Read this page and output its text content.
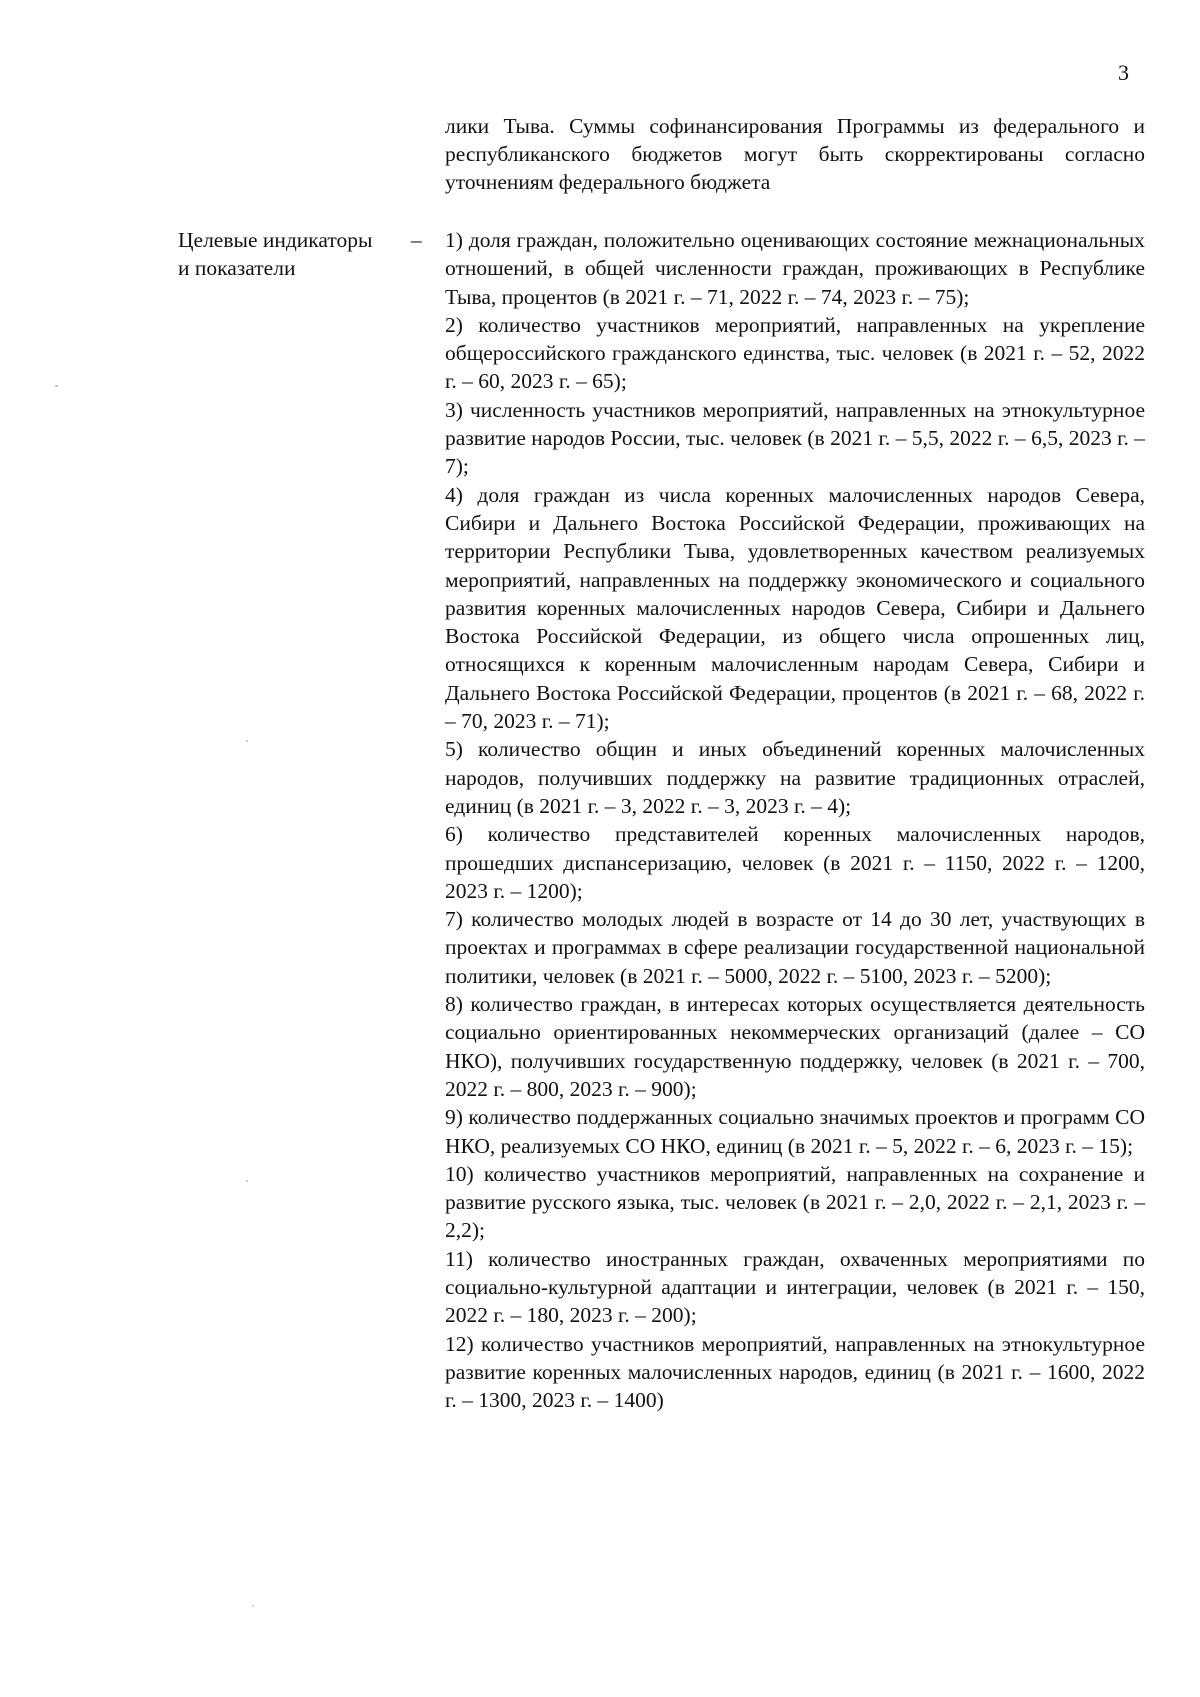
3
лики Тыва. Суммы софинансирования Программы из федерального и республиканского бюджетов могут быть скорректированы согласно уточнениям федерального бюджета
Целевые индикаторы
и показатели
– 1) доля граждан, положительно оценивающих состояние межнациональных отношений, в общей численности граждан, проживающих в Республике Тыва, процентов (в 2021 г. – 71, 2022 г. – 74, 2023 г. – 75);

2) количество участников мероприятий, направленных на укрепление общероссийского гражданского единства, тыс. человек (в 2021 г. – 52, 2022 г. – 60, 2023 г. – 65);

3) численность участников мероприятий, направленных на этнокультурное развитие народов России, тыс. человек (в 2021 г. – 5,5, 2022 г. – 6,5, 2023 г. – 7);

4) доля граждан из числа коренных малочисленных народов Севера, Сибири и Дальнего Востока Российской Федерации, проживающих на территории Республики Тыва, удовлетворенных качеством реализуемых мероприятий, направленных на поддержку экономического и социального развития коренных малочисленных народов Севера, Сибири и Дальнего Востока Российской Федерации, из общего числа опрошенных лиц, относящихся к коренным малочисленным народам Севера, Сибири и Дальнего Востока Российской Федерации, процентов (в 2021 г. – 68, 2022 г. – 70, 2023 г. – 71);

5) количество общин и иных объединений коренных малочисленных народов, получивших поддержку на развитие традиционных отраслей, единиц (в 2021 г. – 3, 2022 г. – 3, 2023 г. – 4);

6) количество представителей коренных малочисленных народов, прошедших диспансеризацию, человек (в 2021 г. – 1150, 2022 г. – 1200, 2023 г. – 1200);

7) количество молодых людей в возрасте от 14 до 30 лет, участвующих в проектах и программах в сфере реализации государственной национальной политики, человек (в 2021 г. – 5000, 2022 г. – 5100, 2023 г. – 5200);

8) количество граждан, в интересах которых осуществляется деятельность социально ориентированных некоммерческих организаций (далее – СО НКО), получивших государственную поддержку, человек (в 2021 г. – 700, 2022 г. – 800, 2023 г. – 900);

9) количество поддержанных социально значимых проектов и программ СО НКО, реализуемых СО НКО, единиц (в 2021 г. – 5, 2022 г. – 6, 2023 г. – 15);

10) количество участников мероприятий, направленных на сохранение и развитие русского языка, тыс. человек (в 2021 г. – 2,0, 2022 г. – 2,1, 2023 г. – 2,2);

11) количество иностранных граждан, охваченных мероприятиями по социально-культурной адаптации и интеграции, человек (в 2021 г. – 150, 2022 г. – 180, 2023 г. – 200);

12) количество участников мероприятий, направленных на этнокультурное развитие коренных малочисленных народов, единиц (в 2021 г. – 1600, 2022 г. – 1300, 2023 г. – 1400)
